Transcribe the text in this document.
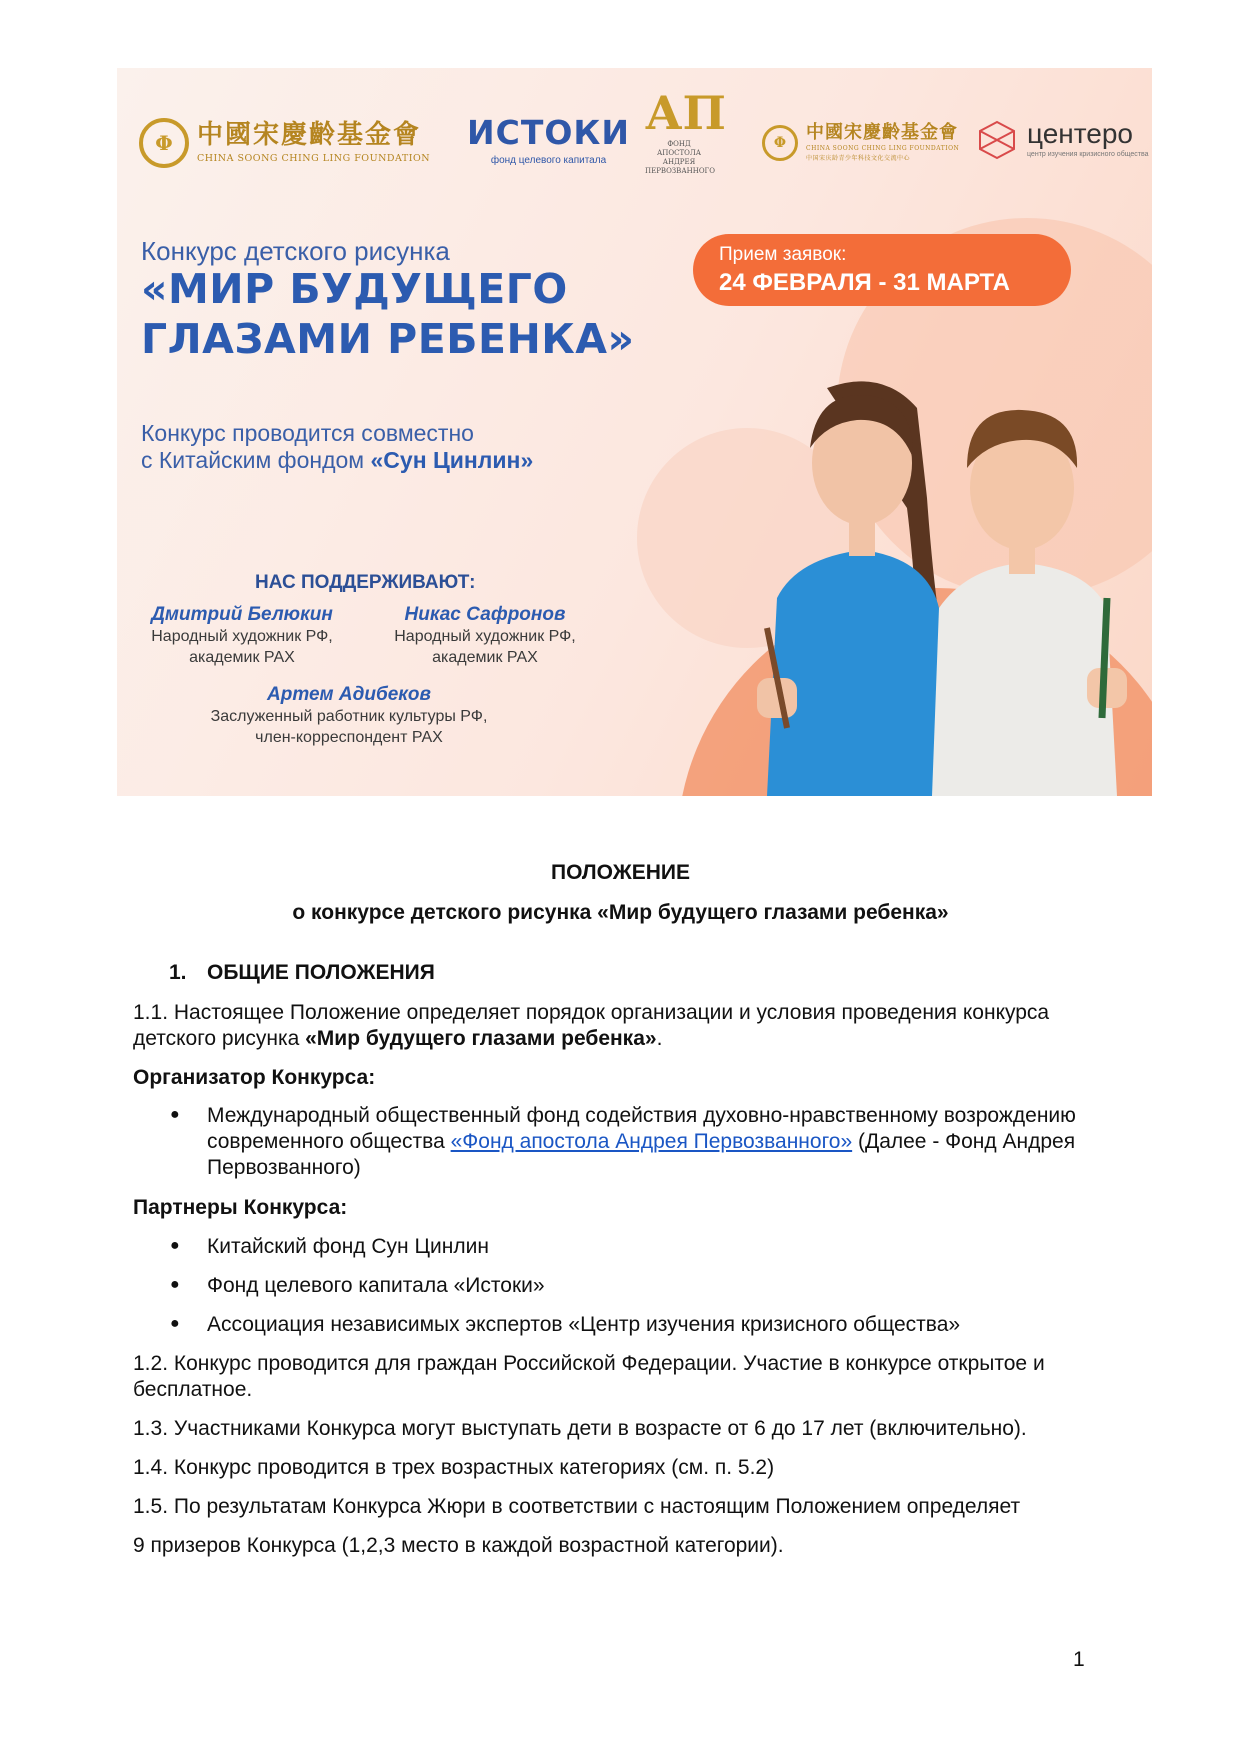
Φ 中國宋慶齡基金會
CHINA SOONG CHING LING FOUNDATION
ИСТОКИ
фонд целевого капитала
АП
ФОНД АПОСТОЛА АНДРЕЯ ПЕРВОЗВАННОГО
Φ	中國宋慶齡基金會
CHINA SOONG CHING LING FOUNDATION
中国宋庆龄青少年科技文化交流中心
центеро
центр изучения кризисного общества
Конкурс детского рисунка
«МИР БУДУЩЕГО
ГЛАЗАМИ РЕБЕНКА»
Прием заявок:
24 ФЕВРАЛЯ - 31 МАРТА
Конкурс проводится совместно
с Китайским фондом «Сун Цинлин»
НАС ПОДДЕРЖИВАЮТ:
Дмитрий Белюкин
Народный художник РФ,
академик РАХ
Никас Сафронов
Народный художник РФ,
академик РАХ
Артем Адибеков
Заслуженный работник культуры РФ,
член-корреспондент РАХ
ПОЛОЖЕНИЕ
о конкурсе детского рисунка «Мир будущего глазами ребенка»
1. ОБЩИЕ ПОЛОЖЕНИЯ
1.1. Настоящее Положение определяет порядок организации и условия проведения конкурса
детского рисунка «Мир будущего глазами ребенка».
Организатор Конкурса:
● Международный общественный фонд содействия духовно-нравственному возрождению
современного общества «Фонд апостола Андрея Первозванного» (Далее - Фонд Андрея
Первозванного)
Партнеры Конкурса:
● Китайский фонд Сун Цинлин
● Фонд целевого капитала «Истоки»
● Ассоциация независимых экспертов «Центр изучения кризисного общества»
1.2. Конкурс проводится для граждан Российской Федерации. Участие в конкурсе открытое и
бесплатное.
1.3. Участниками Конкурса могут выступать дети в возрасте от 6 до 17 лет (включительно).
1.4. Конкурс проводится в трех возрастных категориях (см. п. 5.2)
1.5. По результатам Конкурса Жюри в соответствии с настоящим Положением определяет
9 призеров Конкурса (1,2,3 место в каждой возрастной категории).
1
